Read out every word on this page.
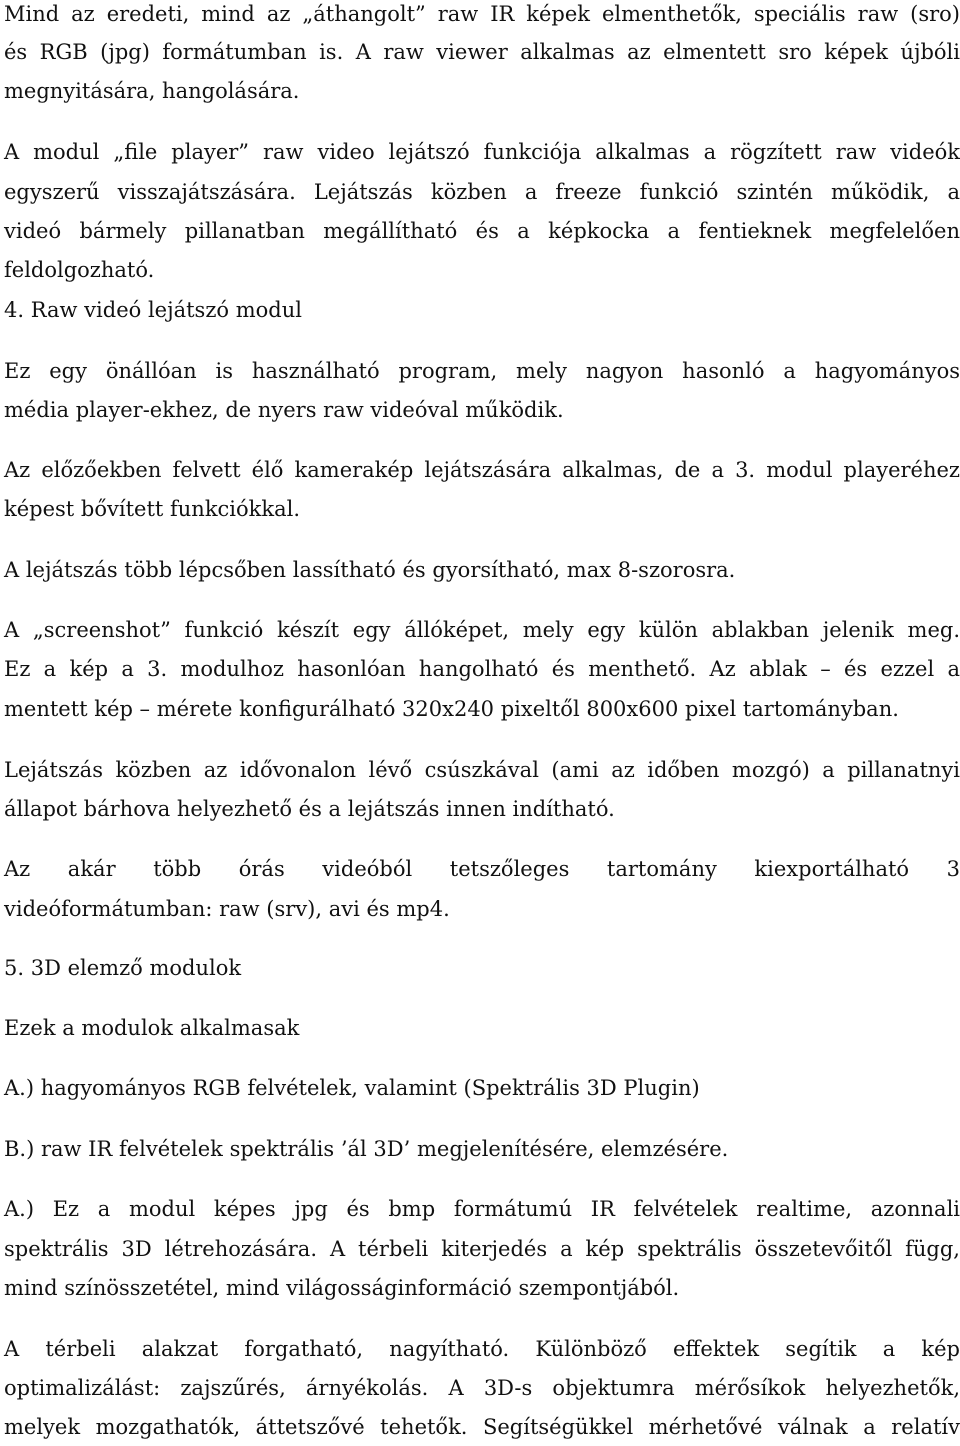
Mind az eredeti, mind az „áthangolt” raw IR képek elmenthetők, speciális raw (sro)
és RGB (jpg) formátumban is. A raw viewer alkalmas az elmentett sro képek újbóli
megnyitására, hangolására.
A modul „file player” raw video lejátszó funkciója alkalmas a rögzített raw videók
egyszerű visszajátszására. Lejátszás közben a freeze funkció szintén működik, a
videó bármely pillanatban megállítható és a képkocka a fentieknek megfelelően
feldolgozható.
4. Raw videó lejátszó modul
Ez egy önállóan is használható program, mely nagyon hasonló a hagyományos
média player-ekhez, de nyers raw videóval működik.
Az előzőekben felvett élő kamerakép lejátszására alkalmas, de a 3. modul playeréhez
képest bővített funkciókkal.
A lejátszás több lépcsőben lassítható és gyorsítható, max 8-szorosra.
A „screenshot” funkció készít egy állóképet, mely egy külön ablakban jelenik meg.
Ez a kép a 3. modulhoz hasonlóan hangolható és menthető. Az ablak – és ezzel a
mentett kép – mérete konfigurálható 320x240 pixeltől 800x600 pixel tartományban.
Lejátszás közben az idővonalon lévő csúszkával (ami az időben mozgó) a pillanatnyi
állapot bárhova helyezhető és a lejátszás innen indítható.
Az akár több órás videóból tetszőleges tartomány kiexportálható 3
videóformátumban: raw (srv), avi és mp4.
5. 3D elemző modulok
Ezek a modulok alkalmasak
A.) hagyományos RGB felvételek, valamint (Spektrális 3D Plugin)
B.) raw IR felvételek spektrális ’ál 3D’ megjelenítésére, elemzésére.
A.) Ez a modul képes jpg és bmp formátumú IR felvételek realtime, azonnali
spektrális 3D létrehozására. A térbeli kiterjedés a kép spektrális összetevőitől függ,
mind színösszetétel, mind világosságinformáció szempontjából.
A térbeli alakzat forgatható, nagyítható. Különböző effektek segítik a kép
optimalizálást: zajszűrés, árnyékolás. A 3D-s objektumra mérősíkok helyezhetők,
melyek mozgathatók, áttetszővé tehetők. Segítségükkel mérhetővé válnak a relatív
